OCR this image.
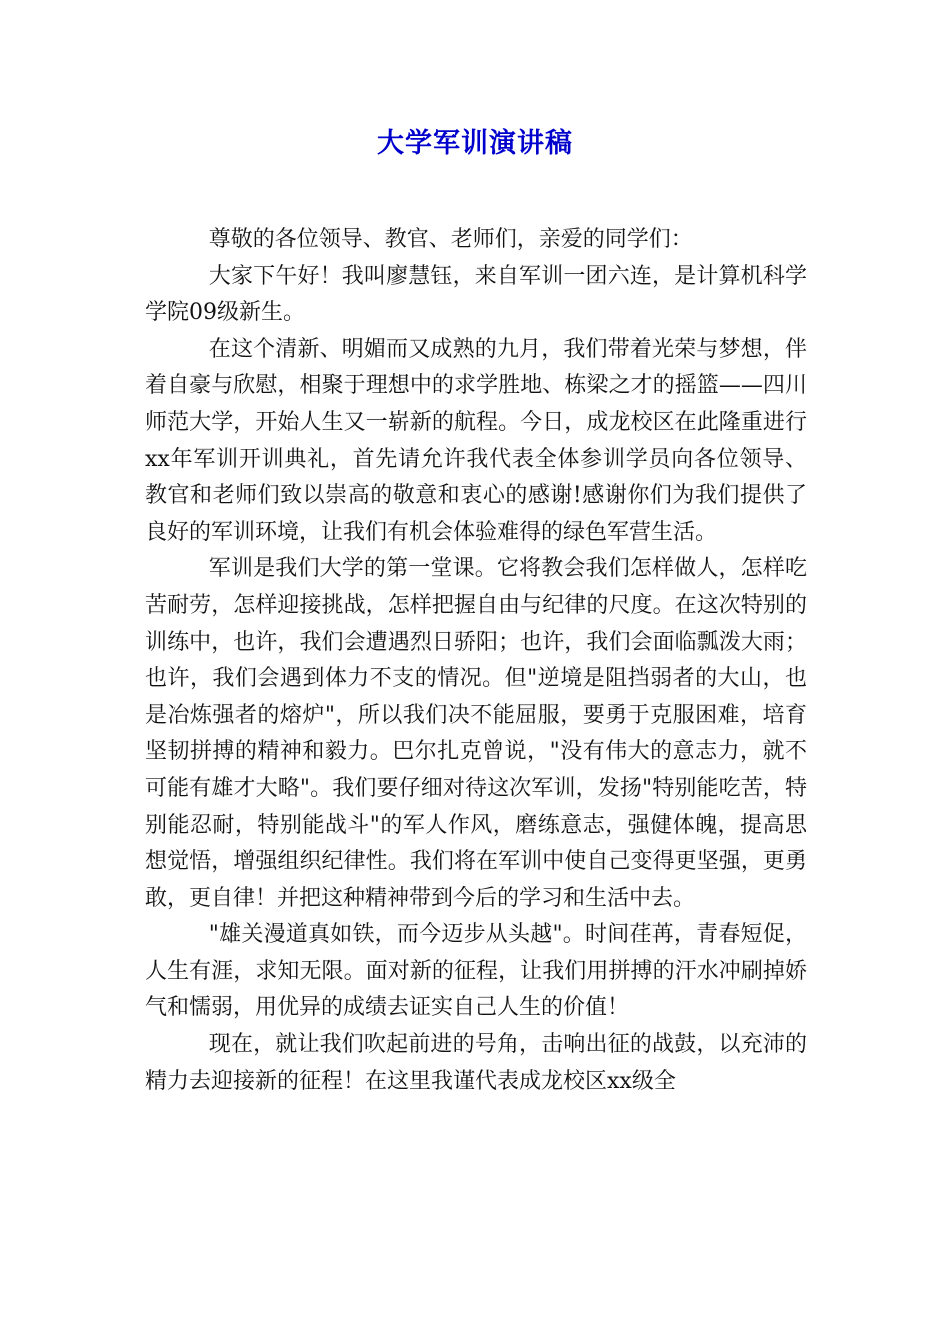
大学军训演讲稿

尊敬的各位领导、教官、老师们，亲爱的同学们：

大家下午好！我叫廖慧钰，来自军训一团六连，是计算机科学学院09级新生。

在这个清新、明媚而又成熟的九月，我们带着光荣与梦想，伴着自豪与欣慰，相聚于理想中的求学胜地、栋梁之才的摇篮——四川师范大学，开始人生又一崭新的航程。今日，成龙校区在此隆重进行xx年军训开训典礼，首先请允许我代表全体参训学员向各位领导、教官和老师们致以崇高的敬意和衷心的感谢!感谢你们为我们提供了良好的军训环境，让我们有机会体验难得的绿色军营生活。

军训是我们大学的第一堂课。它将教会我们怎样做人，怎样吃苦耐劳，怎样迎接挑战，怎样把握自由与纪律的尺度。在这次特别的训练中，也许，我们会遭遇烈日骄阳；也许，我们会面临瓢泼大雨；也许，我们会遇到体力不支的情况。但"逆境是阻挡弱者的大山，也是冶炼强者的熔炉"，所以我们决不能屈服，要勇于克服困难，培育坚韧拼搏的精神和毅力。巴尔扎克曾说，"没有伟大的意志力，就不可能有雄才大略"。我们要仔细对待这次军训，发扬"特别能吃苦，特别能忍耐，特别能战斗"的军人作风，磨练意志，强健体魄，提高思想觉悟，增强组织纪律性。我们将在军训中使自己变得更坚强，更勇敢，更自律！并把这种精神带到今后的学习和生活中去。

"雄关漫道真如铁，而今迈步从头越"。时间荏苒，青春短促，人生有涯，求知无限。面对新的征程，让我们用拼搏的汗水冲刷掉娇气和懦弱，用优异的成绩去证实自己人生的价值！

现在，就让我们吹起前进的号角，击响出征的战鼓，以充沛的精力去迎接新的征程！在这里我谨代表成龙校区xx级全
